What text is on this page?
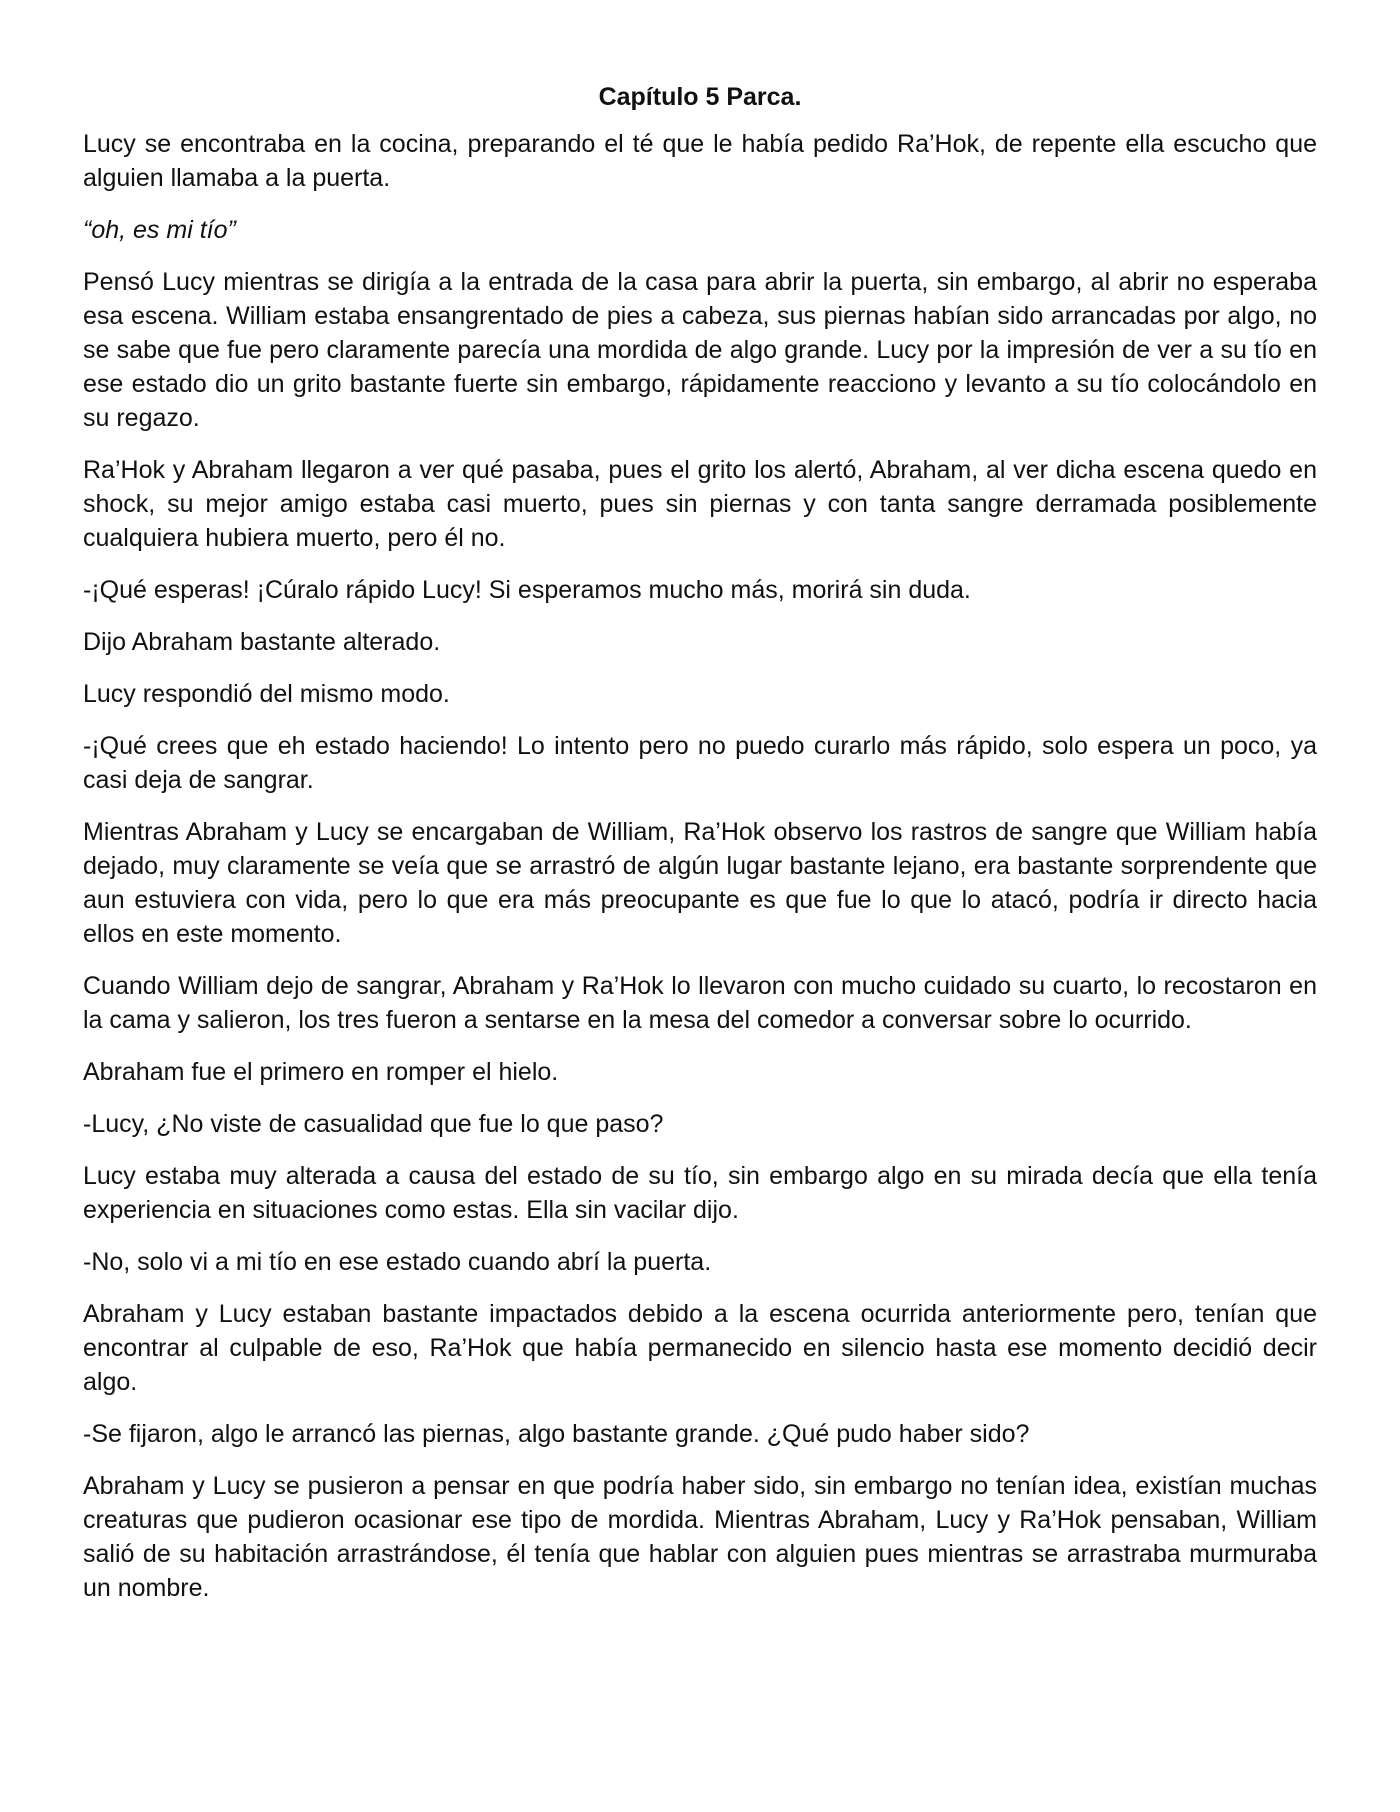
Capítulo 5 Parca.

Lucy se encontraba en la cocina, preparando el té que le había pedido Ra’Hok, de repente ella escucho que alguien llamaba a la puerta.

“oh, es mi tío”

Pensó Lucy mientras se dirigía a la entrada de la casa para abrir la puerta, sin embargo, al abrir no esperaba esa escena. William estaba ensangrentado de pies a cabeza, sus piernas habían sido arrancadas por algo, no se sabe que fue pero claramente parecía una mordida de algo grande. Lucy por la impresión de ver a su tío en ese estado dio un grito bastante fuerte sin embargo, rápidamente reacciono y levanto a su tío colocándolo en su regazo.

Ra’Hok y Abraham llegaron a ver qué pasaba, pues el grito los alertó, Abraham, al ver dicha escena quedo en shock, su mejor amigo estaba casi muerto, pues sin piernas y con tanta sangre derramada posiblemente cualquiera hubiera muerto, pero él no.

-¡Qué esperas! ¡Cúralo rápido Lucy! Si esperamos mucho más, morirá sin duda.

Dijo Abraham bastante alterado.

Lucy respondió del mismo modo.

-¡Qué crees que eh estado haciendo! Lo intento pero no puedo curarlo más rápido, solo espera un poco, ya casi deja de sangrar.

Mientras Abraham y Lucy se encargaban de William, Ra’Hok observo los rastros de sangre que William había dejado, muy claramente se veía que se arrastró de algún lugar bastante lejano, era bastante sorprendente que aun estuviera con vida, pero lo que era más preocupante es que fue lo que lo atacó, podría ir directo hacia ellos en este momento.

Cuando William dejo de sangrar, Abraham y Ra’Hok lo llevaron con mucho cuidado su cuarto, lo recostaron en la cama y salieron, los tres fueron a sentarse en la mesa del comedor a conversar sobre lo ocurrido.

Abraham fue el primero en romper el hielo.

-Lucy, ¿No viste de casualidad que fue lo que paso?

Lucy estaba muy alterada a causa del estado de su tío, sin embargo algo en su mirada decía que ella tenía experiencia en situaciones como estas. Ella sin vacilar dijo.

-No, solo vi a mi tío en ese estado cuando abrí la puerta.

Abraham y Lucy estaban bastante impactados debido a la escena ocurrida anteriormente pero, tenían que encontrar al culpable de eso, Ra’Hok que había permanecido en silencio hasta ese momento decidió decir algo.

-Se fijaron, algo le arrancó las piernas, algo bastante grande. ¿Qué pudo haber sido?

Abraham y Lucy se pusieron a pensar en que podría haber sido, sin embargo no tenían idea, existían muchas creaturas que pudieron ocasionar ese tipo de mordida. Mientras Abraham, Lucy y Ra’Hok pensaban, William salió de su habitación arrastrándose, él tenía que hablar con alguien pues mientras se arrastraba murmuraba un nombre.
